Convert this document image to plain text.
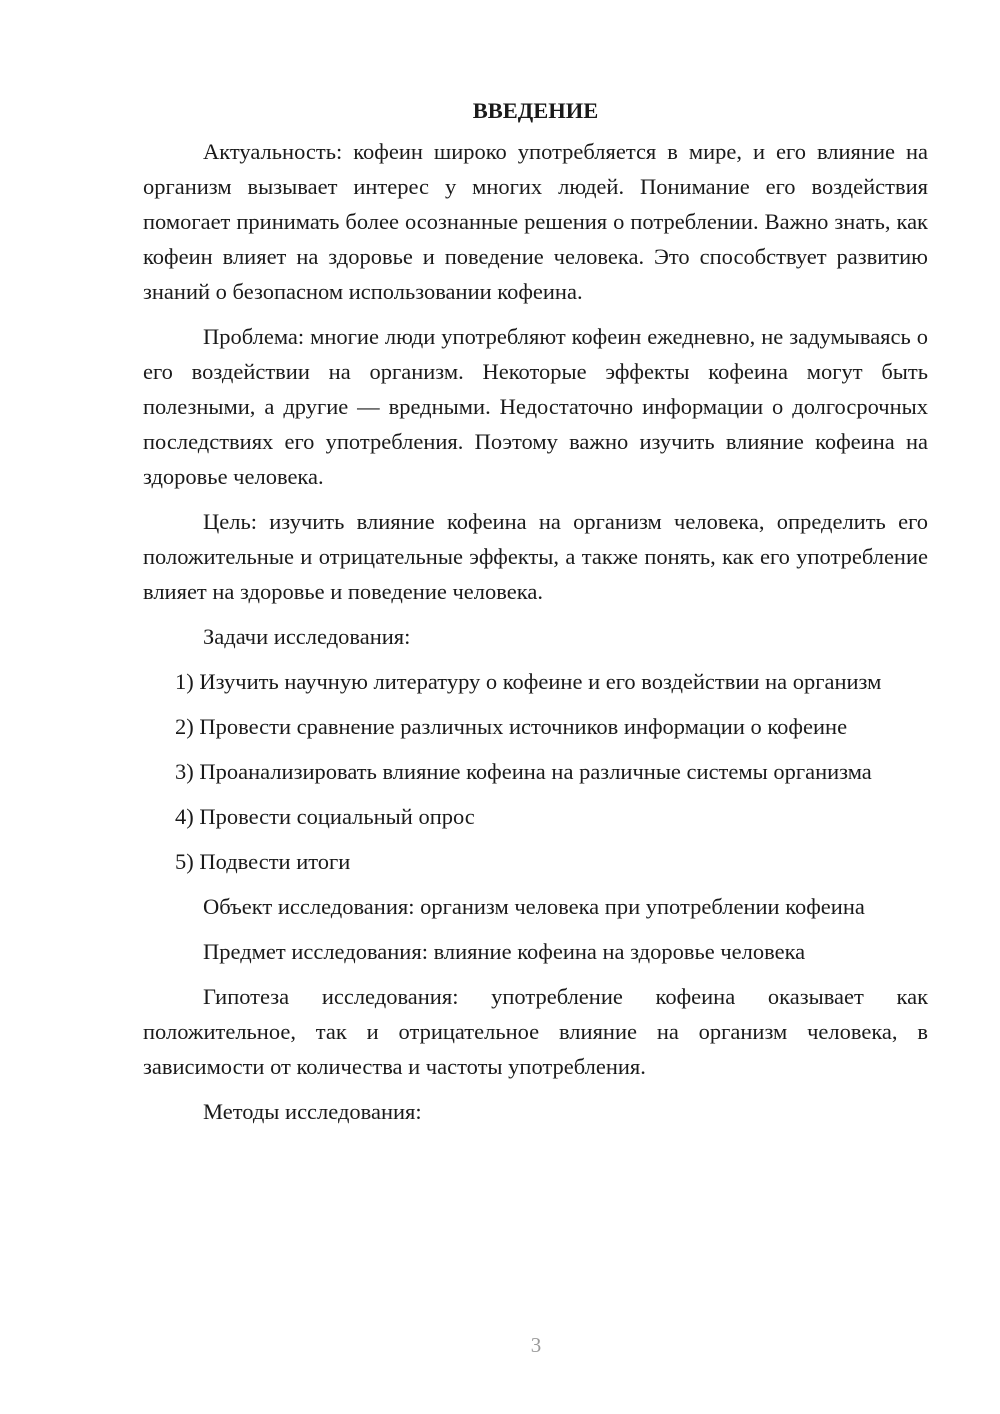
ВВЕДЕНИЕ

Актуальность: кофеин широко употребляется в мире, и его влияние на организм вызывает интерес у многих людей. Понимание его воздействия помогает принимать более осознанные решения о потреблении. Важно знать, как кофеин влияет на здоровье и поведение человека. Это способствует развитию знаний о безопасном использовании кофеина.

Проблема: многие люди употребляют кофеин ежедневно, не задумываясь о его воздействии на организм. Некоторые эффекты кофеина могут быть полезными, а другие — вредными. Недостаточно информации о долгосрочных последствиях его употребления. Поэтому важно изучить влияние кофеина на здоровье человека.

Цель: изучить влияние кофеина на организм человека, определить его положительные и отрицательные эффекты, а также понять, как его употребление влияет на здоровье и поведение человека.

Задачи исследования:

1) Изучить научную литературу о кофеине и его воздействии на организм

2) Провести сравнение различных источников информации о кофеине

3) Проанализировать влияние кофеина на различные системы организма

4) Провести социальный опрос

5) Подвести итоги

Объект исследования: организм человека при употреблении кофеина

Предмет исследования: влияние кофеина на здоровье человека

Гипотеза исследования: употребление кофеина оказывает как положительное, так и отрицательное влияние на организм человека, в зависимости от количества и частоты употребления.

Методы исследования:

3
